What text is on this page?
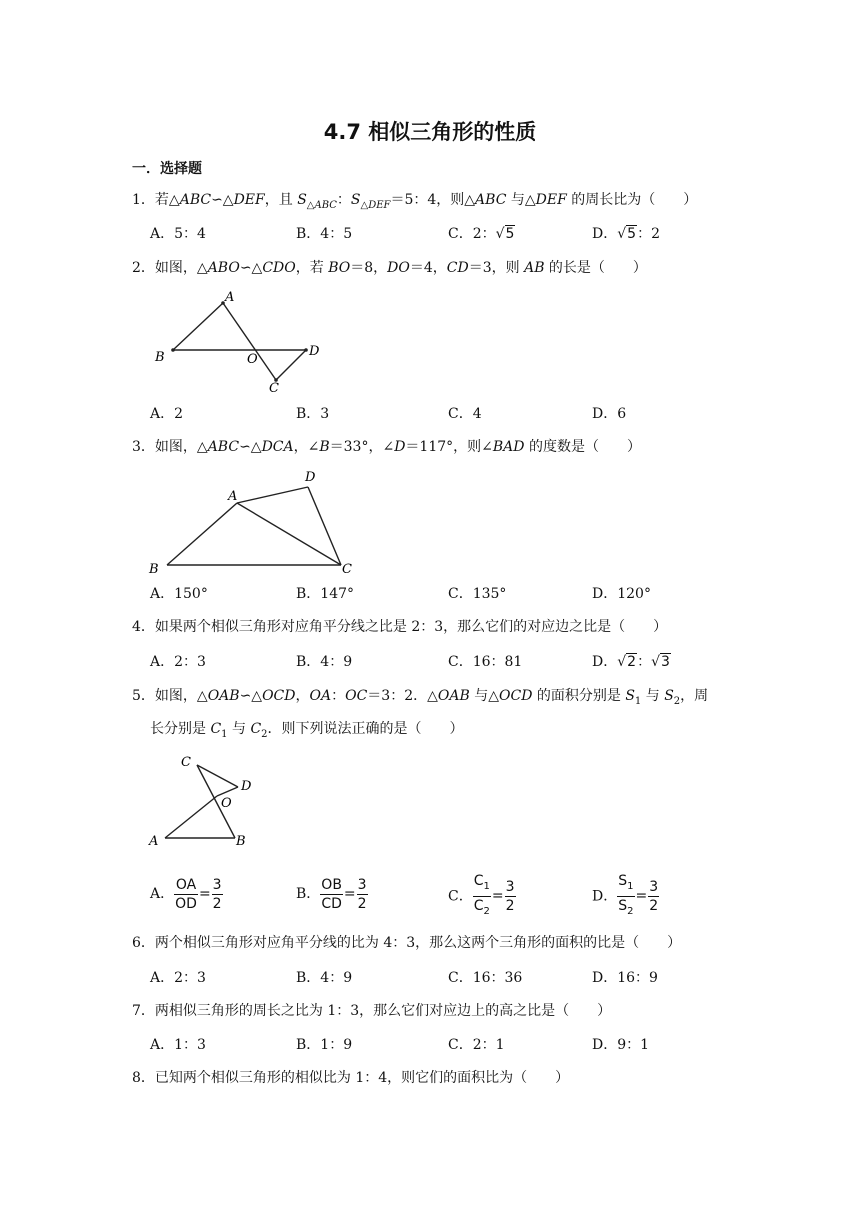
4.7 相似三角形的性质
一．选择题
1．若△ABC∽△DEF，且 $S_{\triangle ABC}$：$S_{\triangle DEF}=5$：4，则△ABC 与△DEF 的周长比为（　　）
A．5：4	B．4：5	C．2：√5	D．√5：2
2．如图，△ABO∽△CDO，若 BO＝8，DO＝4，CD＝3，则 AB 的长是（　　）
A
B	O
D
C
A．2	B．3	C．4	D．6
3．如图，△ABC∽△DCA，∠B＝33°，∠D＝117°，则∠BAD 的度数是（　　）
A
B	C
D
A．150°	B．147°	C．135°	D．120°
4．如果两个相似三角形对应角平分线之比是 2：3，那么它们的对应边之比是（　　）
A．2：3	B．4：9	C．16：81	D．√2：√3
5．如图，△OAB∽△OCD，OA：OC＝3：2．△OAB 与△OCD 的面积分别是 $S_1$ 与 $S_2$，周
长分别是 $C_1$ 与 $C_2$．则下列说法正确的是（　　）
C
D
O
A	B
A． $\frac{OA}{OD} = \frac{3}{2}$	B． $\frac{OB}{CD} = \frac{3}{2}$	C． $\frac{C_1}{C_2} = \frac{3}{2}$	D． $\frac{S_1}{S_2} = \frac{3}{2}$
6．两个相似三角形对应角平分线的比为 4：3，那么这两个三角形的面积的比是（　　）
A．2：3	B．4：9	C．16：36	D．16：9
7．两相似三角形的周长之比为 1：3，那么它们对应边上的高之比是（　　）
A．1：3	B．1：9	C．2：1	D．9：1
8．已知两个相似三角形的相似比为 1：4，则它们的面积比为（　　）
